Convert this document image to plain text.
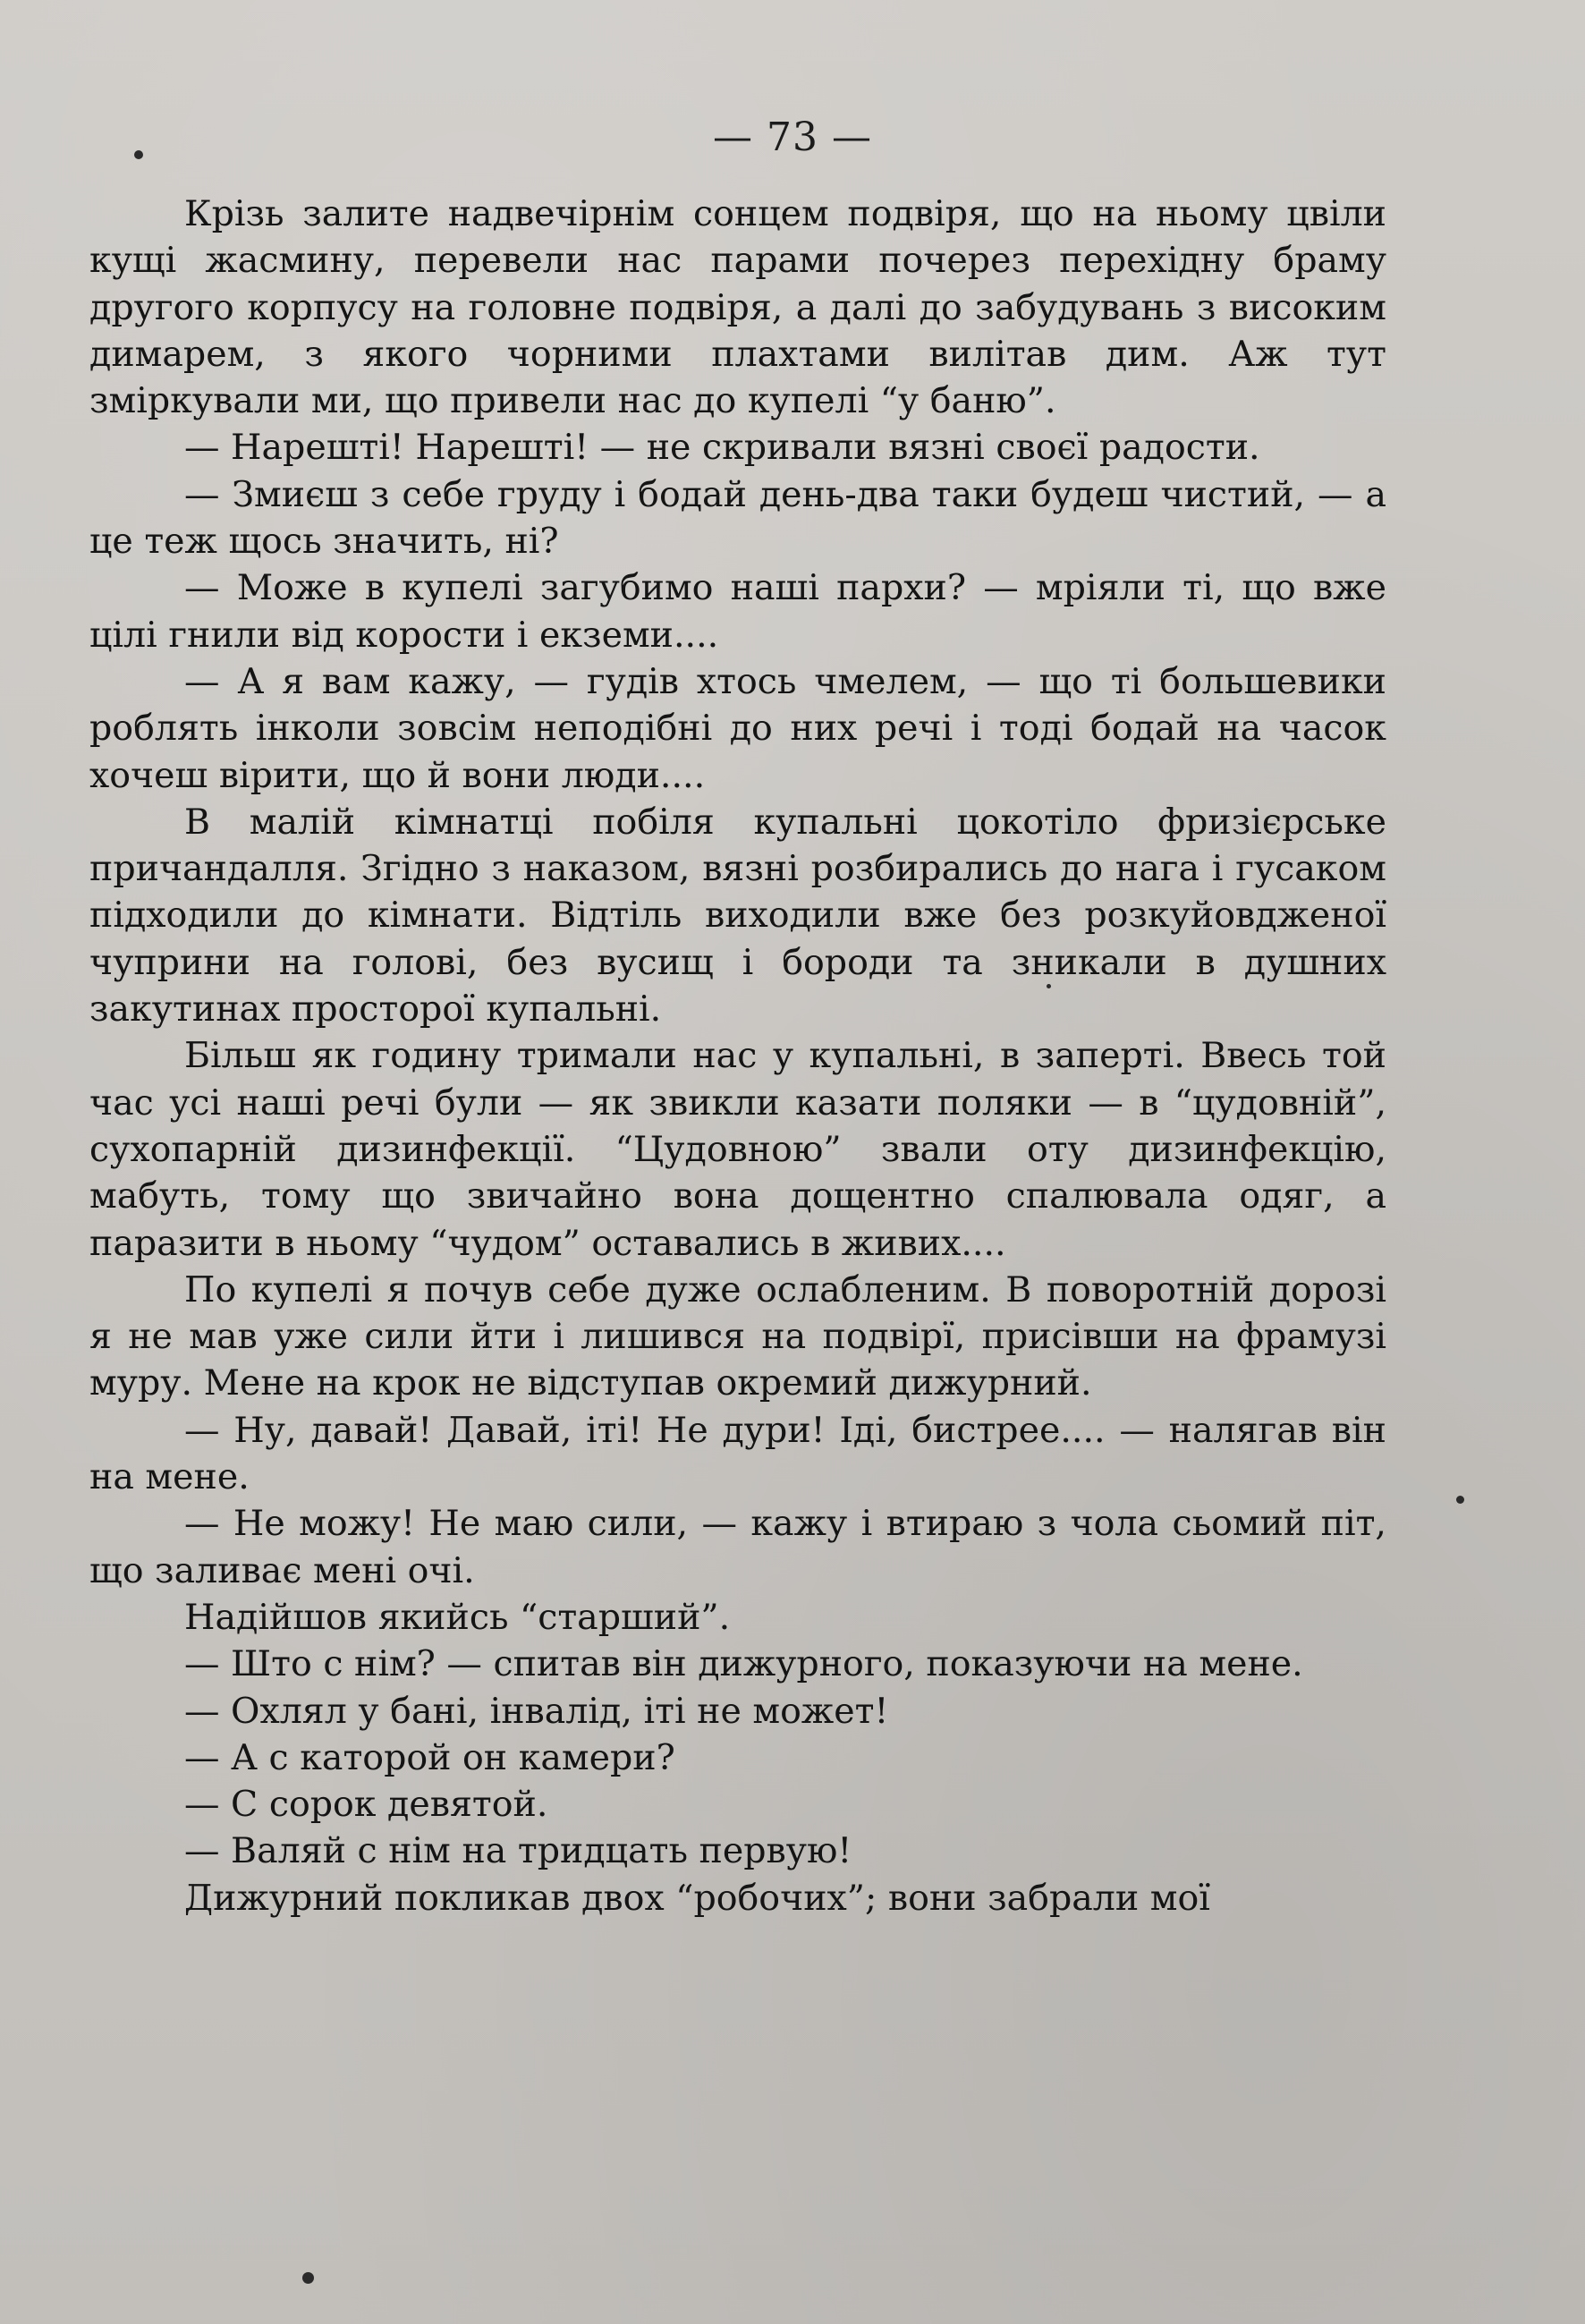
— 73 —

Крізь залите надвечірнім сонцем подвіря, що на ньому цвіли кущі жасмину, перевели нас парами почерез перехідну браму другого корпусу на головне подвіря, а далі до забудувань з високим димарем, з якого чорними плахтами вилітав дим. Аж тут зміркували ми, що привели нас до купелі “у баню”.

— Нарешті! Нарешті! — не скривали вязні своєї радости.

— Змиєш з себе груду і бодай день-два таки будеш чистий, — а це теж щось значить, ні?

— Може в купелі загубимо наші пархи? — мріяли ті, що вже цілі гнили від корости і екземи....

— А я вам кажу, — гудів хтось чмелем, — що ті большевики роблять інколи зовсім неподібні до них речі і тоді бодай на часок хочеш вірити, що й вони люди....

В малій кімнатці побіля купальні цокотіло фризієрське причандалля. Згідно з наказом, вязні розбирались до нага і гусаком підходили до кімнати. Відтіль виходили вже без розкуйовдженої чуприни на голові, без вусищ і бороди та зникали в душних закутинах просторої купальні.

Більш як годину тримали нас у купальні, в заперті. Ввесь той час усі наші речі були — як звикли казати поляки — в “цудовній”, сухопарній дизинфекції. “Цудовною” звали оту дизинфекцію, мабуть, тому що звичайно вона дощентно спалювала одяг, а паразити в ньому “чудом” оставались в живих....

По купелі я почув себе дуже ослабленим. В поворотній дорозі я не мав уже сили йти і лишився на подвірї, присівши на фрамузі муру. Мене на крок не відступав окремий дижурний.

— Ну, давай! Давай, іті! Не дури! Іді, бистрее.... — налягав він на мене.

— Не можу! Не маю сили, — кажу і втираю з чола сьомий піт, що заливає мені очі.

Надійшов якийсь “старший”.

— Што с нім? — спитав він дижурного, показуючи на мене.

— Охлял у бані, інвалід, іті не может!

— А с каторой он камери?

— С сорок девятой.

— Валяй с нім на тридцать первую!

Дижурний покликав двох “робочих”; вони забрали мої
